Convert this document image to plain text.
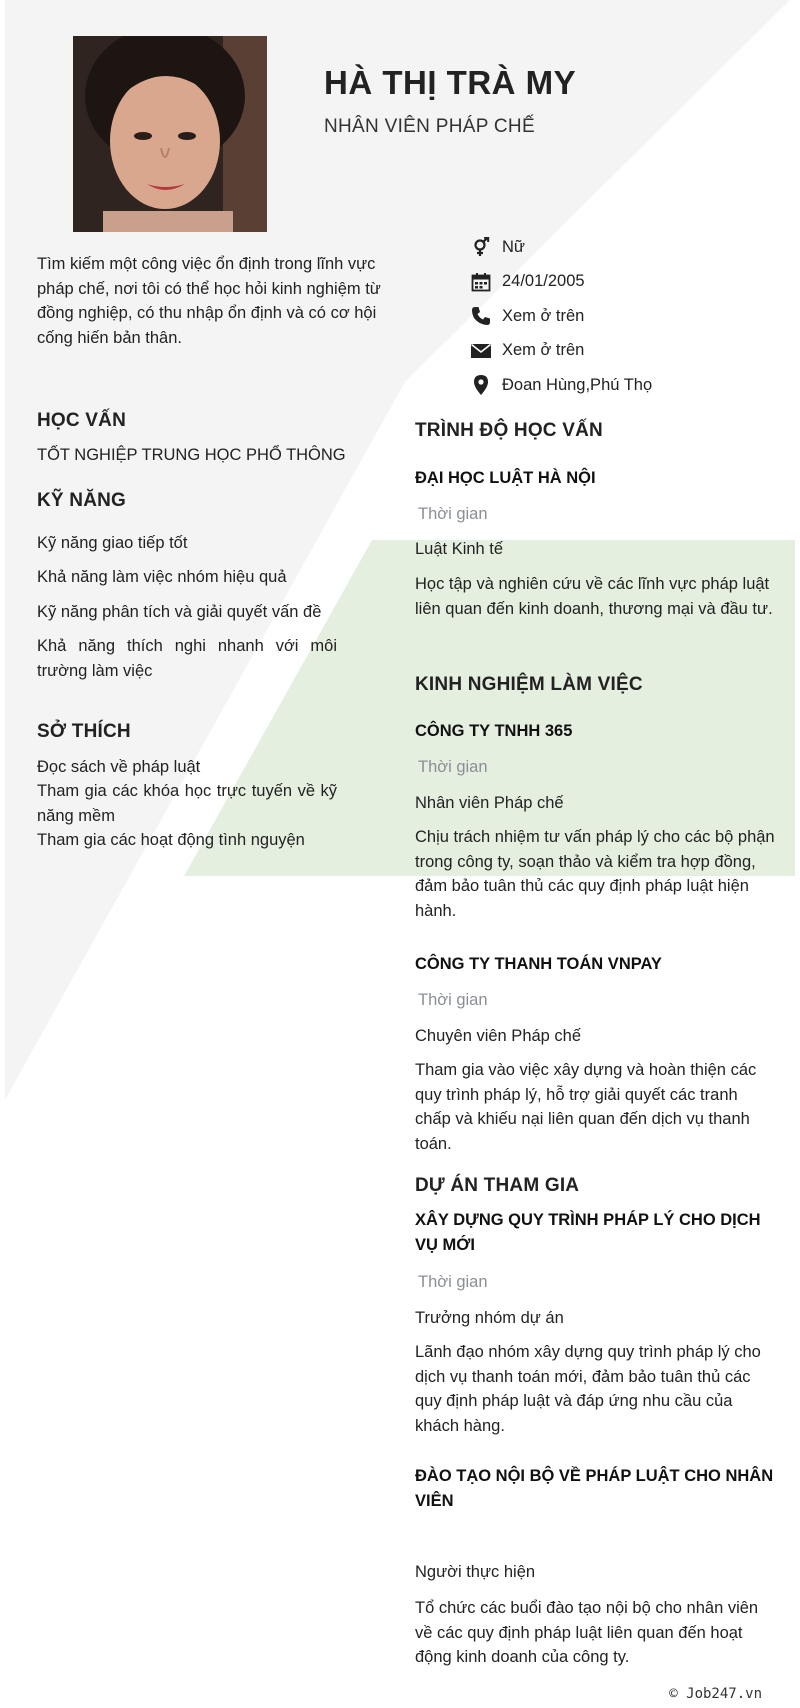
HÀ THỊ TRÀ MY
NHÂN VIÊN PHÁP CHẾ
Tìm kiếm một công việc ổn định trong lĩnh vực pháp chế, nơi tôi có thể học hỏi kinh nghiệm từ đồng nghiệp, có thu nhập ổn định và có cơ hội cống hiến bản thân.
Nữ
24/01/2005
Xem ở trên
Xem ở trên
Đoan Hùng,Phú Thọ
HỌC VẤN
TỐT NGHIỆP TRUNG HỌC PHỔ THÔNG
KỸ NĂNG
Kỹ năng giao tiếp tốt
Khả năng làm việc nhóm hiệu quả
Kỹ năng phân tích và giải quyết vấn đề
Khả năng thích nghi nhanh với môi trường làm việc
SỞ THÍCH
Đọc sách về pháp luật
Tham gia các khóa học trực tuyến về kỹ năng mềm
Tham gia các hoạt động tình nguyện
TRÌNH ĐỘ HỌC VẤN
ĐẠI HỌC LUẬT HÀ NỘI
Thời gian
Luật Kinh tế
Học tập và nghiên cứu về các lĩnh vực pháp luật liên quan đến kinh doanh, thương mại và đầu tư.
KINH NGHIỆM LÀM VIỆC
CÔNG TY TNHH 365
Thời gian
Nhân viên Pháp chế
Chịu trách nhiệm tư vấn pháp lý cho các bộ phận trong công ty, soạn thảo và kiểm tra hợp đồng, đảm bảo tuân thủ các quy định pháp luật hiện hành.
CÔNG TY THANH TOÁN VNPAY
Thời gian
Chuyên viên Pháp chế
Tham gia vào việc xây dựng và hoàn thiện các quy trình pháp lý, hỗ trợ giải quyết các tranh chấp và khiếu nại liên quan đến dịch vụ thanh toán.
DỰ ÁN THAM GIA
XÂY DỰNG QUY TRÌNH PHÁP LÝ CHO DỊCH VỤ MỚI
Thời gian
Trưởng nhóm dự án
Lãnh đạo nhóm xây dựng quy trình pháp lý cho dịch vụ thanh toán mới, đảm bảo tuân thủ các quy định pháp luật và đáp ứng nhu cầu của khách hàng.
ĐÀO TẠO NỘI BỘ VỀ PHÁP LUẬT CHO NHÂN VIÊN
Người thực hiện
Tổ chức các buổi đào tạo nội bộ cho nhân viên về các quy định pháp luật liên quan đến hoạt động kinh doanh của công ty.
© Job247.vn
